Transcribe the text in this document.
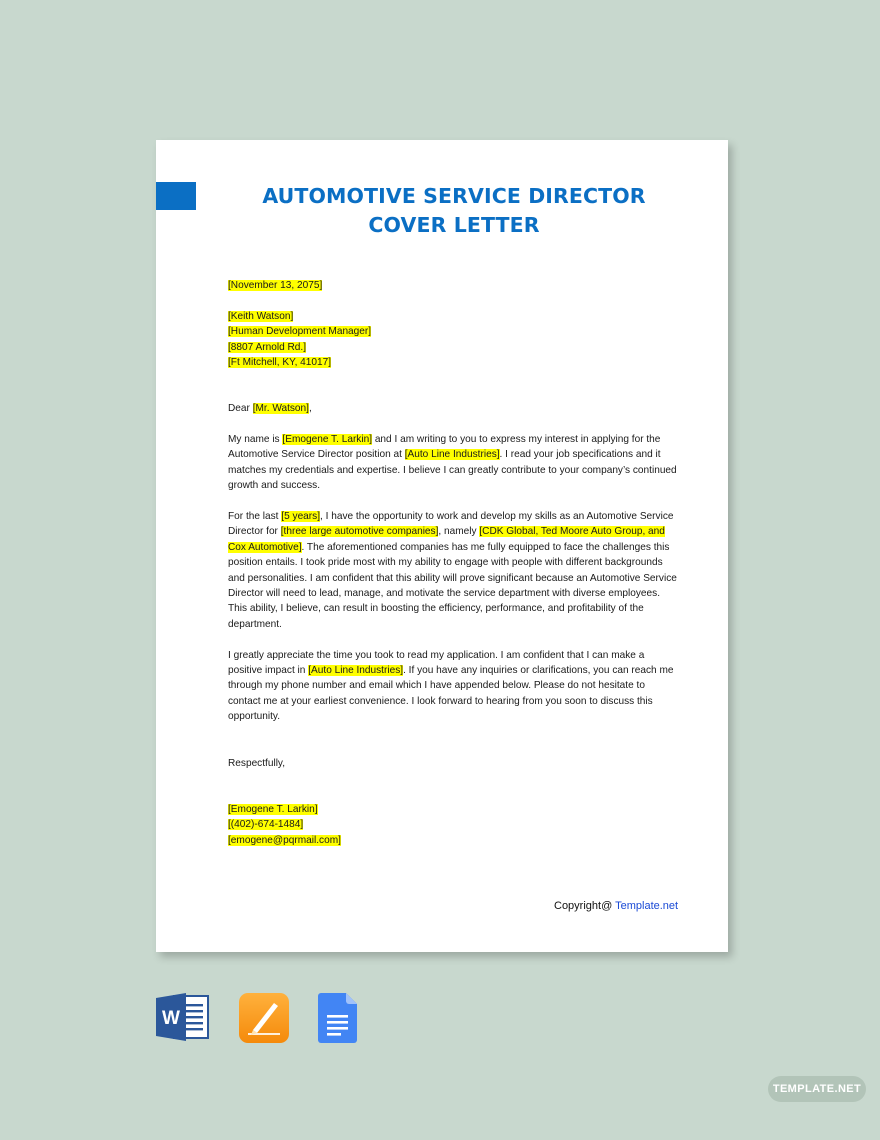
AUTOMOTIVE SERVICE DIRECTOR
COVER LETTER

[November 13, 2075]

[Keith Watson]

[Human Development Manager]

[8807 Arnold Rd.]

[Ft Mitchell, KY, 41017]

Dear [Mr. Watson],

My name is [Emogene T. Larkin] and I am writing to you to express my interest in applying for the Automotive Service Director position at [Auto Line Industries]. I read your job specifications and it matches my credentials and expertise. I believe I can greatly contribute to your company’s continued growth and success.

For the last [5 years], I have the opportunity to work and develop my skills as an Automotive Service Director for [three large automotive companies], namely [CDK Global, Ted Moore Auto Group, and Cox Automotive]. The aforementioned companies has me fully equipped to face the challenges this position entails. I took pride most with my ability to engage with people with different backgrounds and personalities. I am confident that this ability will prove significant because an Automotive Service Director will need to lead, manage, and motivate the service department with diverse employees. This ability, I believe, can result in boosting the efficiency, performance, and profitability of the department.

I greatly appreciate the time you took to read my application. I am confident that I can make a positive impact in [Auto Line Industries]. If you have any inquiries or clarifications, you can reach me through my phone number and email which I have appended below. Please do not hesitate to contact me at your earliest convenience. I look forward to hearing from you soon to discuss this opportunity.

Respectfully,

[Emogene T. Larkin]

[(402)-674-1484]

[emogene@pqrmail.com]

Copyright@ Template.net
W
TEMPLATE.NET
